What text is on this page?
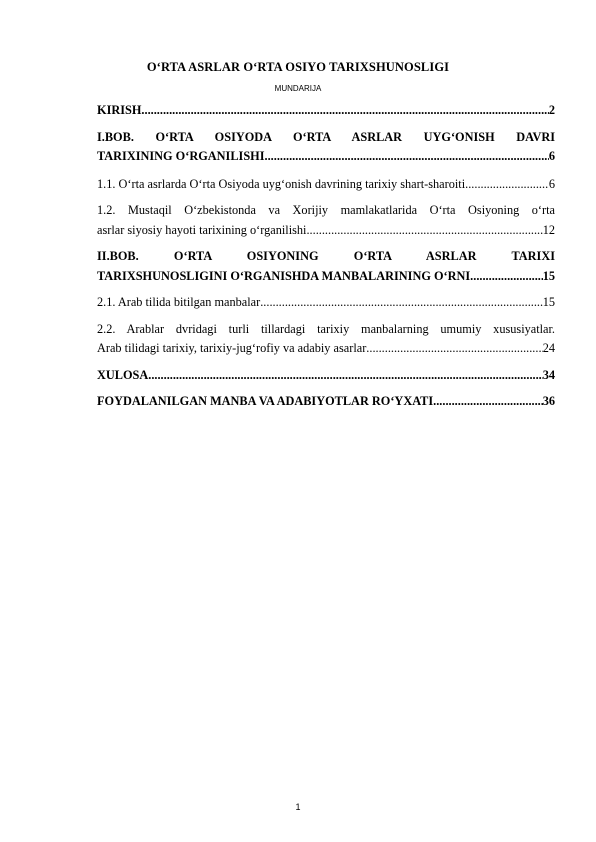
O‘RTA ASRLAR O‘RTA OSIYO TARIXSHUNOSLIGI
MUNDARIJA
KIRISH .....	2
I.BOB. O‘RTA OSIYODA O‘RTA ASRLAR UYG‘ONISH DAVRI
TARIXINING O‘RGANILISHI .....	6
1.1. O‘rta asrlarda O‘rta Osiyoda uyg‘onish davrining tarixiy shart-sharoiti .....	6
1.2. Mustaqil O‘zbekistonda va Xorijiy mamlakatlarida O‘rta Osiyoning o‘rta
asrlar siyosiy hayoti tarixining o‘rganilishi .....	12
II.BOB. O‘RTA OSIYONING O‘RTA ASRLAR TARIXI
TARIXSHUNOSLIGINI O‘RGANISHDA MANBALARINING O‘RNI .....	15
2.1. Arab tilida bitilgan manbalar .....	15
2.2. Arablar dvridagi turli tillardagi tarixiy manbalarning umumiy xususiyatlar.
Arab tilidagi tarixiy, tarixiy-jug‘rofiy va adabiy asarlar .....	24
XULOSA .....	34
FOYDALANILGAN MANBA VA ADABIYOTLAR RO‘YXATI .....	36
1
